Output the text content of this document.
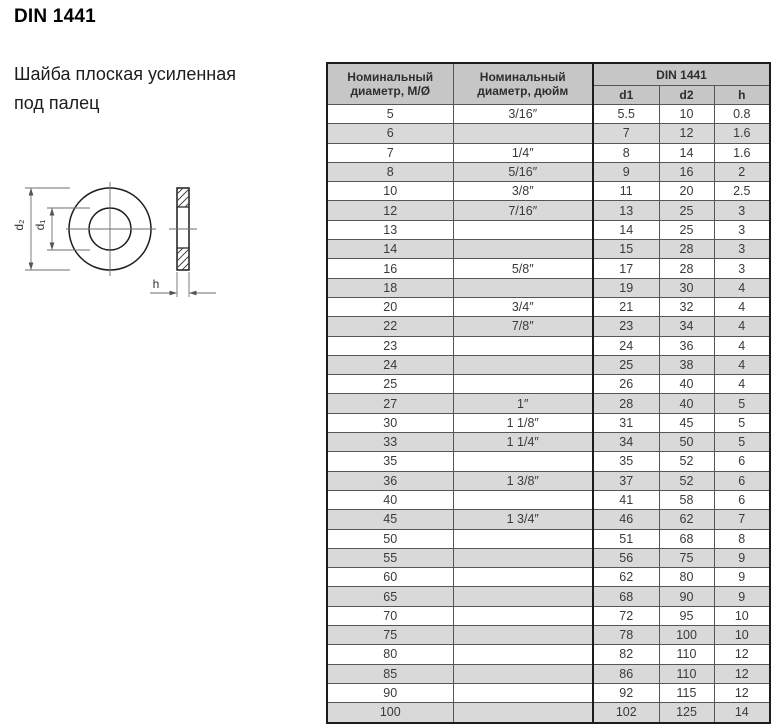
DIN 1441
Шайба плоская усиленная
под палец
d₂ d₁
h
Номинальный диаметр, M/Ø	Номинальный диаметр, дюйм	DIN 1441		
		d1	d2	h
5	3/16″	5.5	10	0.8
6		7	12	1.6
7	1/4″	8	14	1.6
8	5/16″	9	16	2
10	3/8″	11	20	2.5
12	7/16″	13	25	3
13		14	25	3
14		15	28	3
16	5/8″	17	28	3
18		19	30	4
20	3/4″	21	32	4
22	7/8″	23	34	4
23		24	36	4
24		25	38	4
25		26	40	4
27	1″	28	40	5
30	1 1/8″	31	45	5
33	1 1/4″	34	50	5
35		35	52	6
36	1 3/8″	37	52	6
40		41	58	6
45	1 3/4″	46	62	7
50		51	68	8
55		56	75	9
60		62	80	9
65		68	90	9
70		72	95	10
75		78	100	10
80		82	110	12
85		86	110	12
90		92	115	12
100		102	125	14
